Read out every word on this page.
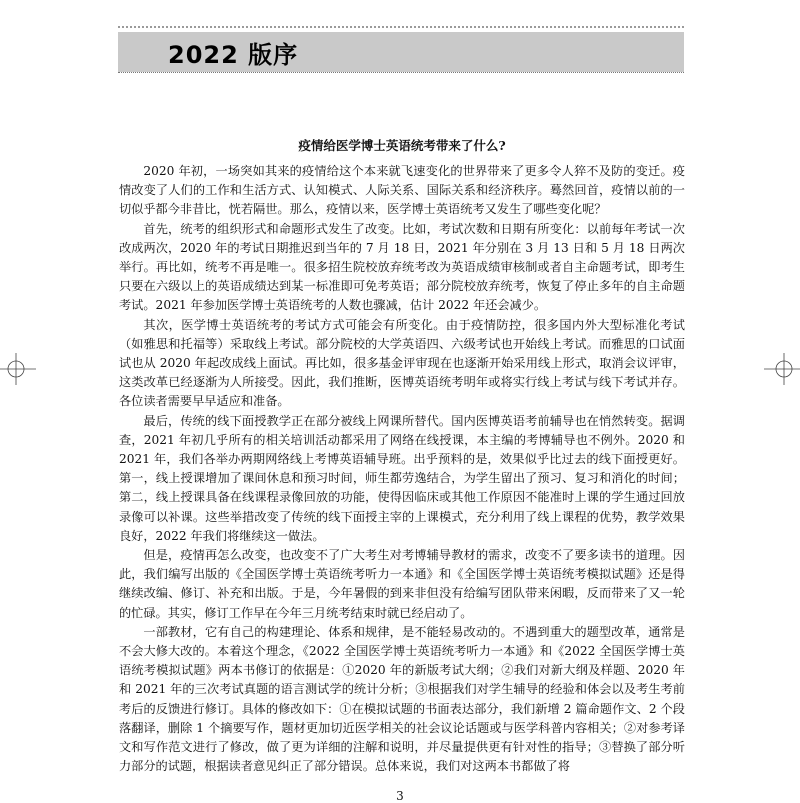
2022 版序
疫情给医学博士英语统考带来了什么?

2020 年初，一场突如其来的疫情给这个本来就飞速变化的世界带来了更多令人猝不及防的变迁。疫情改变了人们的工作和生活方式、认知模式、人际关系、国际关系和经济秩序。蓦然回首，疫情以前的一切似乎都今非昔比，恍若隔世。那么，疫情以来，医学博士英语统考又发生了哪些变化呢？

首先，统考的组织形式和命题形式发生了改变。比如，考试次数和日期有所变化：以前每年考试一次改成两次，2020 年的考试日期推迟到当年的 7 月 18 日，2021 年分别在 3 月 13 日和 5 月 18 日两次举行。再比如，统考不再是唯一。很多招生院校放弃统考改为英语成绩审核制或者自主命题考试，即考生只要在六级以上的英语成绩达到某一标准即可免考英语；部分院校放弃统考，恢复了停止多年的自主命题考试。2021 年参加医学博士英语统考的人数也骤减，估计 2022 年还会减少。

其次，医学博士英语统考的考试方式可能会有所变化。由于疫情防控，很多国内外大型标准化考试（如雅思和托福等）采取线上考试。部分院校的大学英语四、六级考试也开始线上考试。而雅思的口试面试也从 2020 年起改成线上面试。再比如，很多基金评审现在也逐渐开始采用线上形式，取消会议评审，这类改革已经逐渐为人所接受。因此，我们推断，医博英语统考明年或将实行线上考试与线下考试并存。各位读者需要早早适应和准备。

最后，传统的线下面授教学正在部分被线上网课所替代。国内医博英语考前辅导也在悄然转变。据调查，2021 年初几乎所有的相关培训活动都采用了网络在线授课，本主编的考博辅导也不例外。2020 和 2021 年，我们各举办两期网络线上考博英语辅导班。出乎预料的是，效果似乎比过去的线下面授更好。第一，线上授课增加了课间休息和预习时间，师生都劳逸结合，为学生留出了预习、复习和消化的时间；第二，线上授课具备在线课程录像回放的功能，使得因临床或其他工作原因不能准时上课的学生通过回放录像可以补课。这些举措改变了传统的线下面授主宰的上课模式，充分利用了线上课程的优势，教学效果良好，2022 年我们将继续这一做法。

但是，疫情再怎么改变，也改变不了广大考生对考博辅导教材的需求，改变不了要多读书的道理。因此，我们编写出版的《全国医学博士英语统考听力一本通》和《全国医学博士英语统考模拟试题》还是得继续改编、修订、补充和出版。于是，今年暑假的到来非但没有给编写团队带来闲暇，反而带来了又一轮的忙碌。其实，修订工作早在今年三月统考结束时就已经启动了。

一部教材，它有自己的构建理论、体系和规律，是不能轻易改动的。不遇到重大的题型改革，通常是不会大修大改的。本着这个理念，《2022 全国医学博士英语统考听力一本通》和《2022 全国医学博士英语统考模拟试题》两本书修订的依据是：①2020 年的新版考试大纲；②我们对新大纲及样题、2020 年和 2021 年的三次考试真题的语言测试学的统计分析；③根据我们对学生辅导的经验和体会以及考生考前考后的反馈进行修订。具体的修改如下：①在模拟试题的书面表达部分，我们新增 2 篇命题作文、2 个段落翻译，删除 1 个摘要写作，题材更加切近医学相关的社会议论话题或与医学科普内容相关；②对参考译文和写作范文进行了修改，做了更为详细的注解和说明，并尽量提供更有针对性的指导；③替换了部分听力部分的试题，根据读者意见纠正了部分错误。总体来说，我们对这两本书都做了将

3
